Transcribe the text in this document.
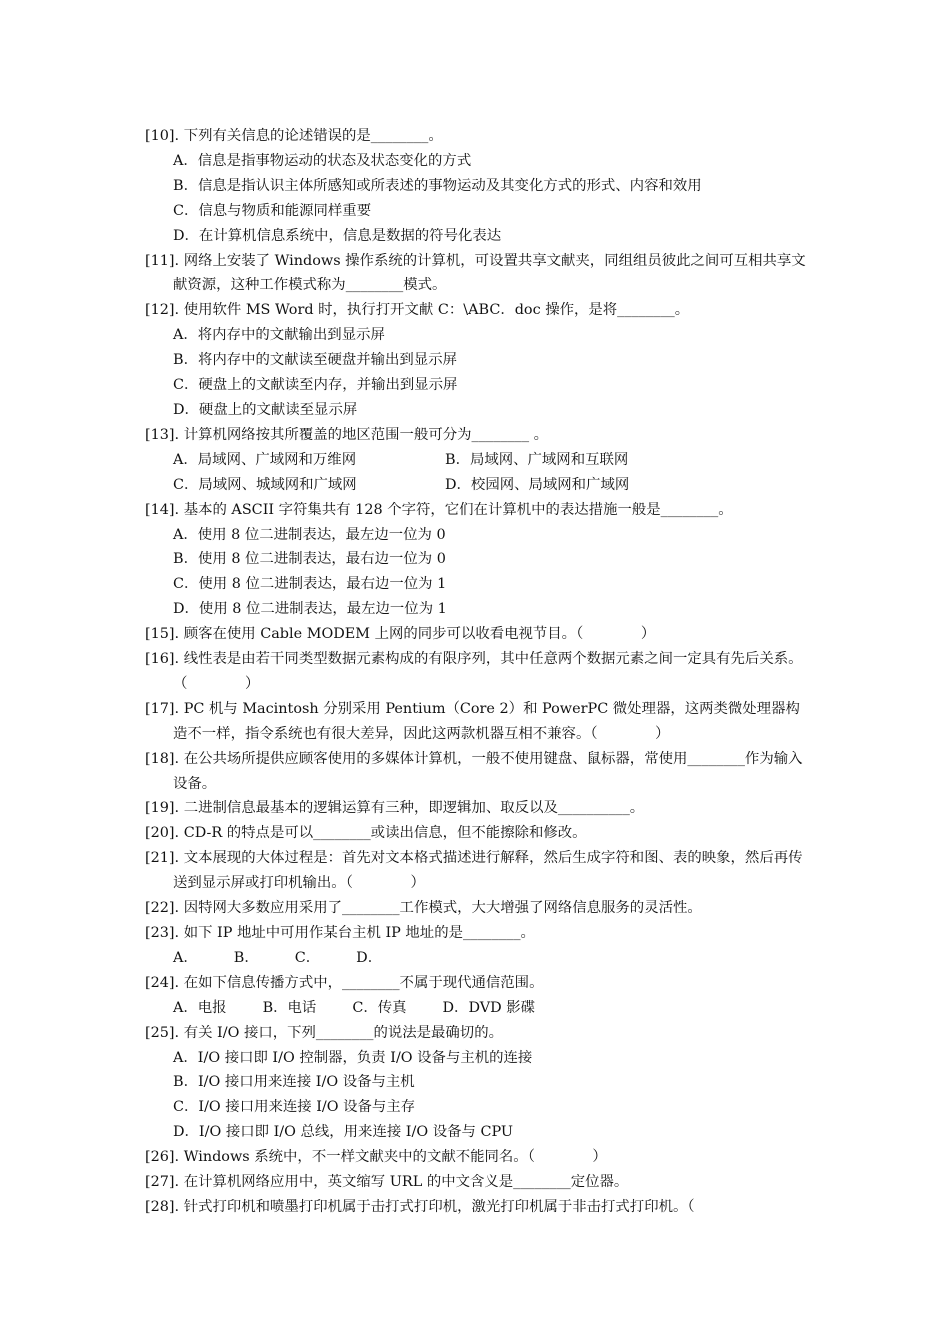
[10]. 下列有关信息的论述错误的是________。
A．信息是指事物运动的状态及状态变化的方式
B．信息是指认识主体所感知或所表述的事物运动及其变化方式的形式、内容和效用
C．信息与物质和能源同样重要
D．在计算机信息系统中，信息是数据的符号化表达
[11]. 网络上安装了 Windows 操作系统的计算机，可设置共享文献夹，同组组员彼此之间可互相共享文献资源，这种工作模式称为________模式。
[12]. 使用软件 MS Word 时，执行打开文献 C：\ABC．doc 操作，是将________。
A．将内存中的文献输出到显示屏
B．将内存中的文献读至硬盘并输出到显示屏
C．硬盘上的文献读至内存，并输出到显示屏
D．硬盘上的文献读至显示屏
[13]. 计算机网络按其所覆盖的地区范围一般可分为________ 。
A．局域网、广域网和万维网	B．局域网、广域网和互联网
C．局域网、城域网和广域网	D．校园网、局域网和广域网
[14]. 基本的 ASCII 字符集共有 128 个字符，它们在计算机中的表达措施一般是________。
A．使用 8 位二进制表达，最左边一位为 0
B．使用 8 位二进制表达，最右边一位为 0
C．使用 8 位二进制表达，最右边一位为 1
D．使用 8 位二进制表达，最左边一位为 1
[15]. 顾客在使用 Cable MODEM 上网的同步可以收看电视节目。（　　　　）
[16]. 线性表是由若干同类型数据元素构成的有限序列，其中任意两个数据元素之间一定具有先后关系。（　　　　）
[17]. PC 机与 Macintosh 分别采用 Pentium（Core 2）和 PowerPC 微处理器，这两类微处理器构造不一样，指令系统也有很大差异，因此这两款机器互相不兼容。（　　　　）
[18]. 在公共场所提供应顾客使用的多媒体计算机，一般不使用键盘、鼠标器，常使用________作为输入设备。
[19]. 二进制信息最基本的逻辑运算有三种，即逻辑加、取反以及__________。
[20]. CD-R 的特点是可以________或读出信息，但不能擦除和修改。
[21]. 文本展现的大体过程是：首先对文本格式描述进行解释，然后生成字符和图、表的映象，然后再传送到显示屏或打印机输出。（　　　　）
[22]. 因特网大多数应用采用了________工作模式，大大增强了网络信息服务的灵活性。
[23]. 如下 IP 地址中可用作某台主机 IP 地址的是________。
A．	B．	C．	D．
[24]. 在如下信息传播方式中，________不属于现代通信范围。
A．电报	B．电话	C．传真	D．DVD 影碟
[25]. 有关 I/O 接口，下列________的说法是最确切的。
A．I/O 接口即 I/O 控制器，负责 I/O 设备与主机的连接
B．I/O 接口用来连接 I/O 设备与主机
C．I/O 接口用来连接 I/O 设备与主存
D．I/O 接口即 I/O 总线，用来连接 I/O 设备与 CPU
[26]. Windows 系统中，不一样文献夹中的文献不能同名。（　　　　）
[27]. 在计算机网络应用中，英文缩写 URL 的中文含义是________定位器。
[28]. 针式打印机和喷墨打印机属于击打式打印机，激光打印机属于非击打式打印机。（
